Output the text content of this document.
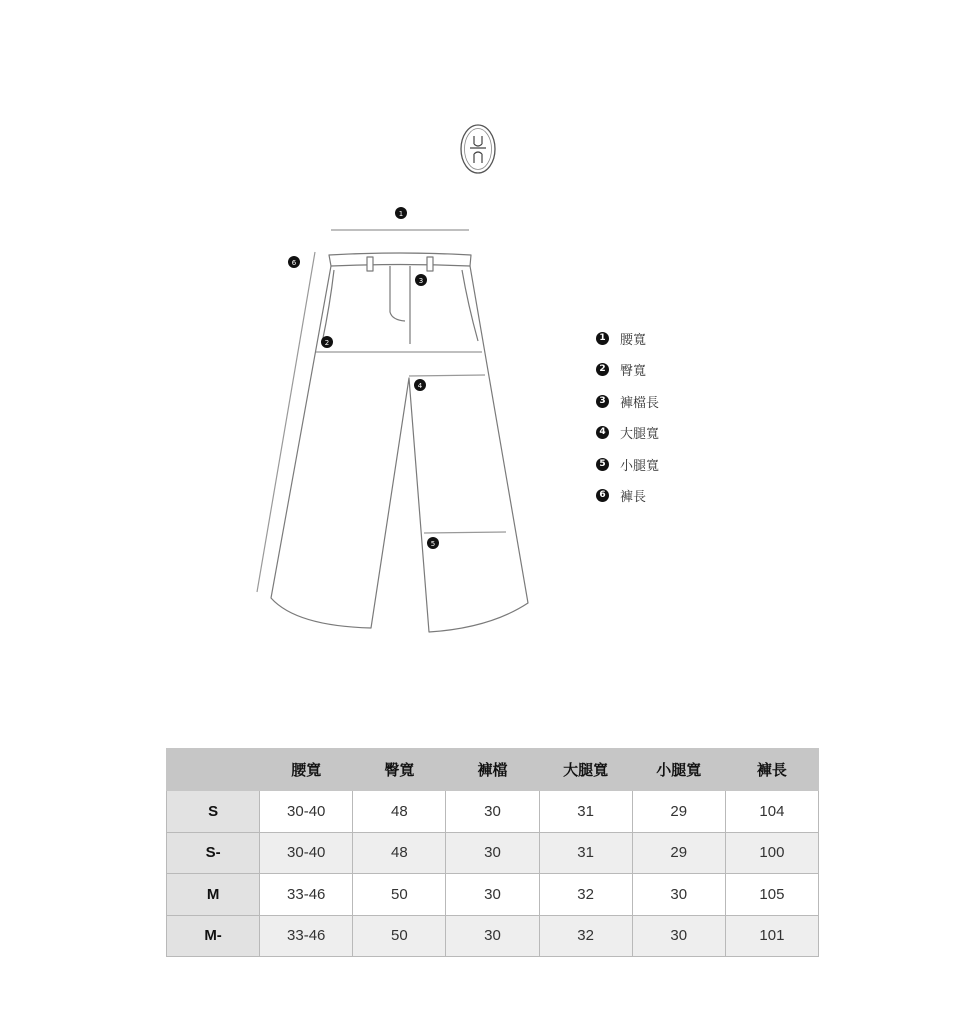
1
6
3
2
4
5
1 腰寬
2 臀寬
3 褲檔長
4 大腿寬
5 小腿寬
6 褲長
	腰寬	臀寬	褲檔	大腿寬	小腿寬	褲長
S	30-40	48	30	31	29	104
S-	30-40	48	30	31	29	100
M	33-46	50	30	32	30	105
M-	33-46	50	30	32	30	101
